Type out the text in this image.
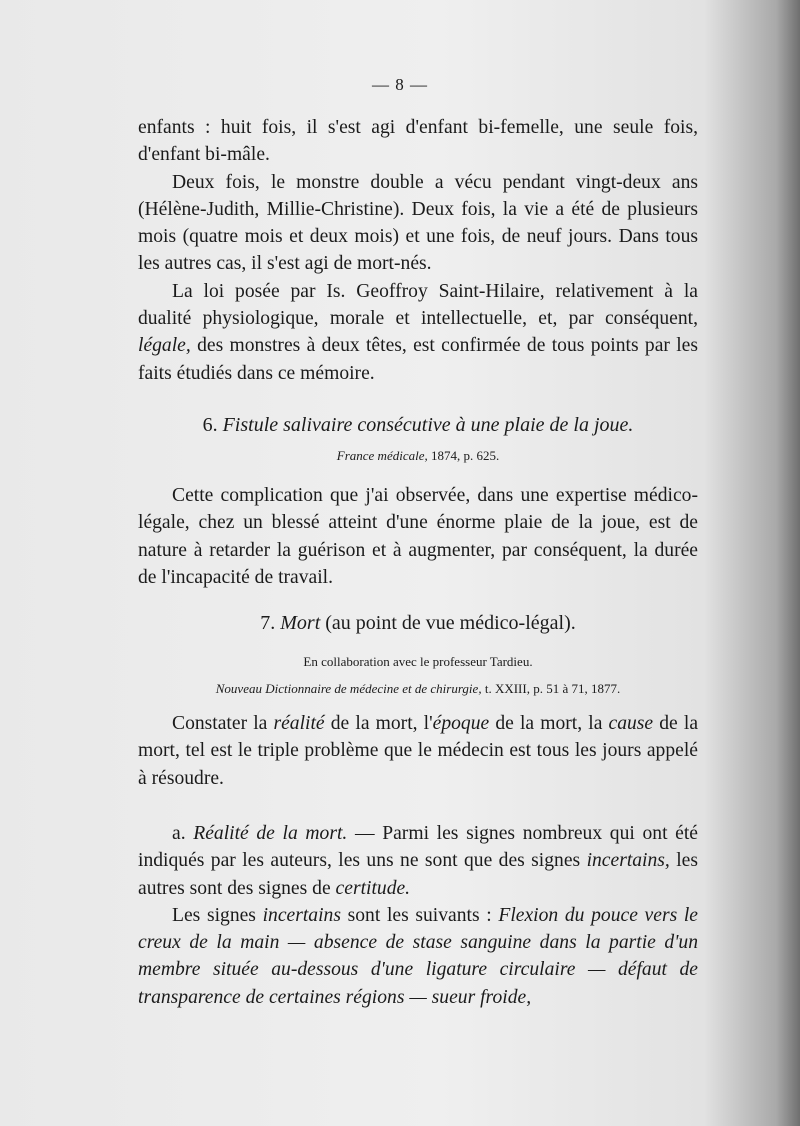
— 8 —

enfants : huit fois, il s'est agi d'enfant bi-femelle, une seule fois, d'enfant bi-mâle.

Deux fois, le monstre double a vécu pendant vingt-deux ans (Hélène-Judith, Millie-Christine). Deux fois, la vie a été de plusieurs mois (quatre mois et deux mois) et une fois, de neuf jours. Dans tous les autres cas, il s'est agi de mort-nés.

La loi posée par Is. Geoffroy Saint-Hilaire, relativement à la dualité physiologique, morale et intellectuelle, et, par conséquent, légale, des monstres à deux têtes, est confirmée de tous points par les faits étudiés dans ce mémoire.

6. Fistule salivaire consécutive à une plaie de la joue.
France médicale, 1874, p. 625.

Cette complication que j'ai observée, dans une expertise médico-légale, chez un blessé atteint d'une énorme plaie de la joue, est de nature à retarder la guérison et à augmenter, par conséquent, la durée de l'incapacité de travail.

7. Mort (au point de vue médico-légal).
En collaboration avec le professeur Tardieu.
Nouveau Dictionnaire de médecine et de chirurgie, t. XXIII, p. 51 à 71, 1877.

Constater la réalité de la mort, l'époque de la mort, la cause de la mort, tel est le triple problème que le médecin est tous les jours appelé à résoudre.

a. Réalité de la mort. — Parmi les signes nombreux qui ont été indiqués par les auteurs, les uns ne sont que des signes incertains, les autres sont des signes de certitude.

Les signes incertains sont les suivants : Flexion du pouce vers le creux de la main — absence de stase sanguine dans la partie d'un membre située au-dessous d'une ligature circulaire — défaut de transparence de certaines régions — sueur froide,
